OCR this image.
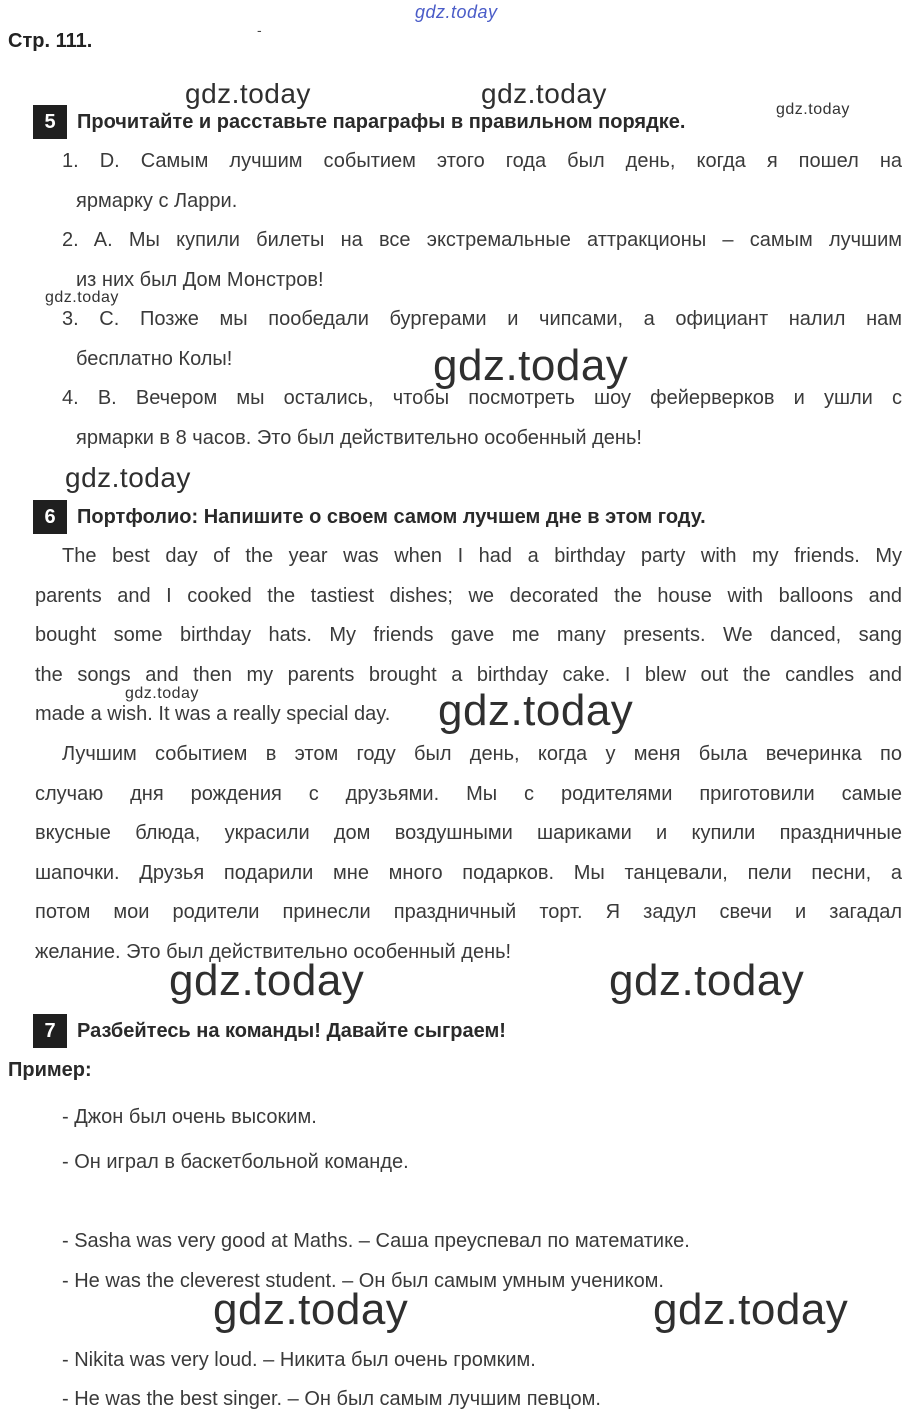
gdz.today
Стр. 111.	-
gdz.today	gdz.today
gdz.today
5	Прочитайте и расставьте параграфы в правильном порядке.
1. D. Самым лучшим событием этого года был день, когда я пошел на
ярмарку с Ларри.
2. A. Мы купили билеты на все экстремальные аттракционы – самым лучшим
из них был Дом Монстров!
gdz.today
3. C. Позже мы пообедали бургерами и чипсами, а официант налил нам
бесплатно Колы!	gdz.today
4. B. Вечером мы остались, чтобы посмотреть шоу фейерверков и ушли с
ярмарки в 8 часов. Это был действительно особенный день!
gdz.today
6	Портфолио: Напишите о своем самом лучшем дне в этом году.
The best day of the year was when I had a birthday party with my friends. My
parents and I cooked the tastiest dishes; we decorated the house with balloons and
bought some birthday hats. My friends gave me many presents. We danced, sang
the songs and then my parents brought a birthday cake. I blew out the candles and
made a wish. It was a really special day.
gdz.today	gdz.today
Лучшим событием в этом году был день, когда у меня была вечеринка по
случаю дня рождения с друзьями. Мы с родителями приготовили самые
вкусные блюда, украсили дом воздушными шариками и купили праздничные
шапочки. Друзья подарили мне много подарков. Мы танцевали, пели песни, а
потом мои родители принесли праздничный торт. Я задул свечи и загадал
желание. Это был действительно особенный день!
gdz.today	gdz.today
7	Разбейтесь на команды! Давайте сыграем!
Пример:
- Джон был очень высоким.
- Он играл в баскетбольной команде.
- Sasha was very good at Maths. – Саша преуспевал по математике.
- He was the cleverest student. – Он был самым умным учеником.
gdz.today	gdz.today
- Nikita was very loud. – Никита был очень громким.
- He was the best singer. – Он был самым лучшим певцом.
